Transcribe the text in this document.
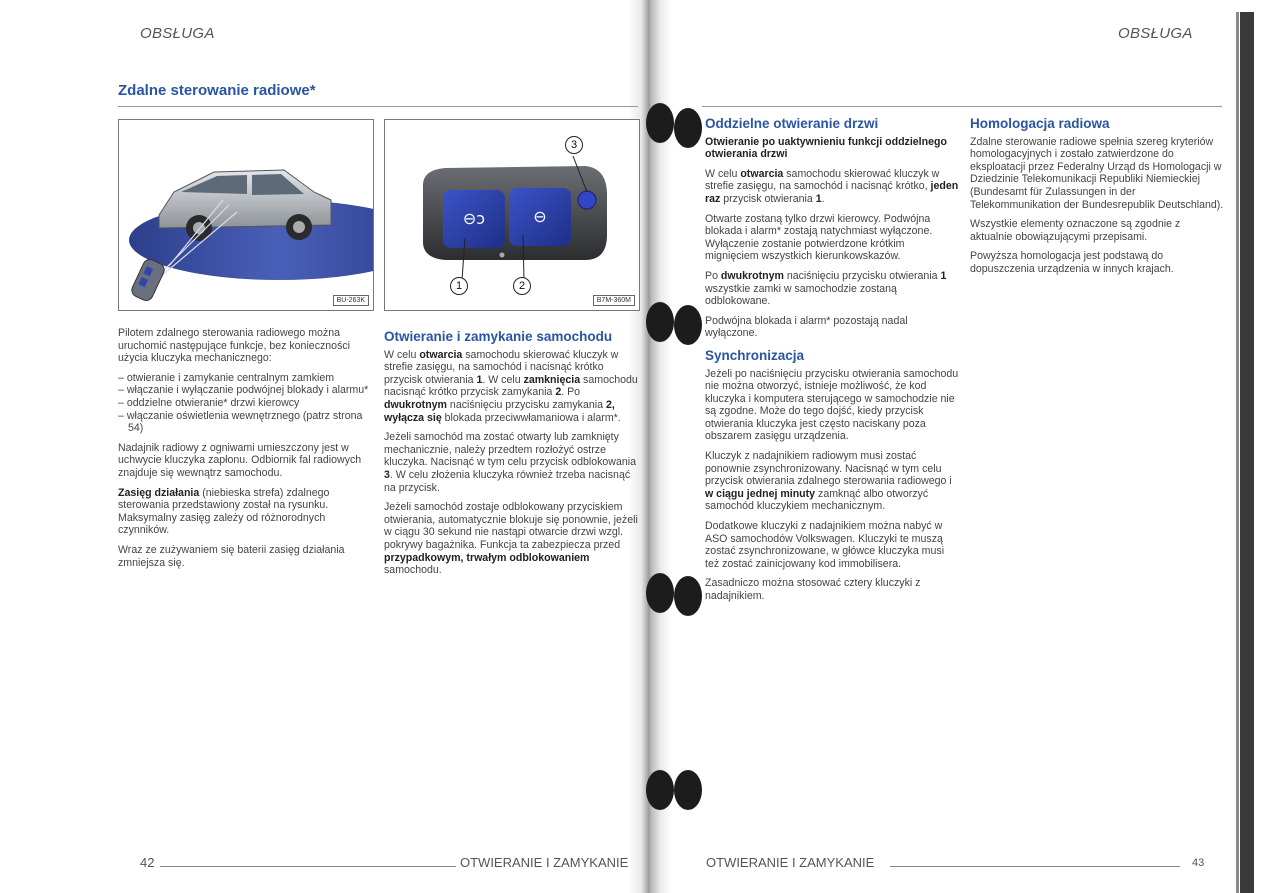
OBSŁUGA
Zdalne sterowanie radiowe*
BU-263K
⊖ↄ	⊖
1	2
3
B7M-360M

Pilotem zdalnego sterowania radiowego można uruchomić następujące funkcje, bez konieczności użycia kluczyka mechanicznego:

– otwieranie i zamykanie centralnym zamkiem
– włączanie i wyłączanie podwójnej blokady i alarmu*
– oddzielne otwieranie* drzwi kierowcy
– włączanie oświetlenia wewnętrznego (patrz strona 54)

Nadajnik radiowy z ogniwami umieszczony jest w uchwycie kluczyka zapłonu. Odbiornik fal radiowych znajduje się wewnątrz samochodu.

Zasięg działania (niebieska strefa) zdalnego sterowania przedstawiony został na rysunku. Maksymalny zasięg zależy od różnorodnych czynników.

Wraz ze zużywaniem się baterii zasięg działania zmniejsza się.

Otwieranie i zamykanie samochodu

W celu otwarcia samochodu skierować kluczyk w strefie zasięgu, na samochód i nacisnąć krótko przycisk otwierania 1. W celu zamknięcia samochodu nacisnąć krótko przycisk zamykania 2. Po dwukrotnym naciśnięciu przycisku zamykania 2, wyłącza się blokada przeciwwłamaniowa i alarm*.

Jeżeli samochód ma zostać otwarty lub zamknięty mechanicznie, należy przedtem rozłożyć ostrze kluczyka. Nacisnąć w tym celu przycisk odblokowania 3. W celu złożenia kluczyka również trzeba nacisnąć na przycisk.

Jeżeli samochód zostaje odblokowany przyciskiem otwierania, automatycznie blokuje się ponownie, jeżeli w ciągu 30 sekund nie nastąpi otwarcie drzwi wzgl. pokrywy bagażnika. Funkcja ta zabezpiecza przed przypadkowym, trwałym odblokowaniem samochodu.

42	OTWIERANIE I ZAMYKANIE
OBSŁUGA
Oddzielne otwieranie drzwi

Otwieranie po uaktywnieniu funkcji oddzielnego otwierania drzwi

W celu otwarcia samochodu skierować kluczyk w strefie zasięgu, na samochód i nacisnąć krótko, jeden raz przycisk otwierania 1.

Otwarte zostaną tylko drzwi kierowcy. Podwójna blokada i alarm* zostają natychmiast wyłączone. Wyłączenie zostanie potwierdzone krótkim mignięciem wszystkich kierunkowskazów.

Po dwukrotnym naciśnięciu przycisku otwierania 1 wszystkie zamki w samochodzie zostaną odblokowane.

Podwójna blokada i alarm* pozostają nadal wyłączone.

Synchronizacja

Jeżeli po naciśnięciu przycisku otwierania samochodu nie można otworzyć, istnieje możliwość, że kod kluczyka i komputera sterującego w samochodzie nie są zgodne. Może do tego dojść, kiedy przycisk otwierania kluczyka jest często naciskany poza obszarem zasięgu urządzenia.

Kluczyk z nadajnikiem radiowym musi zostać ponownie zsynchronizowany. Nacisnąć w tym celu przycisk otwierania zdalnego sterowania radiowego i w ciągu jednej minuty zamknąć albo otworzyć samochód kluczykiem mechanicznym.

Dodatkowe kluczyki z nadajnikiem można nabyć w ASO samochodów Volkswagen. Kluczyki te muszą zostać zsynchronizowane, w główce kluczyka musi też zostać zainicjowany kod immobilisera.

Zasadniczo można stosować cztery kluczyki z nadajnikiem.

Homologacja radiowa

Zdalne sterowanie radiowe spełnia szereg kryteriów homologacyjnych i zostało zatwierdzone do eksploatacji przez Federalny Urząd ds Homologacji w Dziedzinie Telekomunikacji Republiki Niemieckiej (Bundesamt für Zulassungen in der Telekommunikation der Bundesrepublik Deutschland).

Wszystkie elementy oznaczone są zgodnie z aktualnie obowiązującymi przepisami.

Powyższa homologacja jest podstawą do dopuszczenia urządzenia w innych krajach.

OTWIERANIE I ZAMYKANIE	43
